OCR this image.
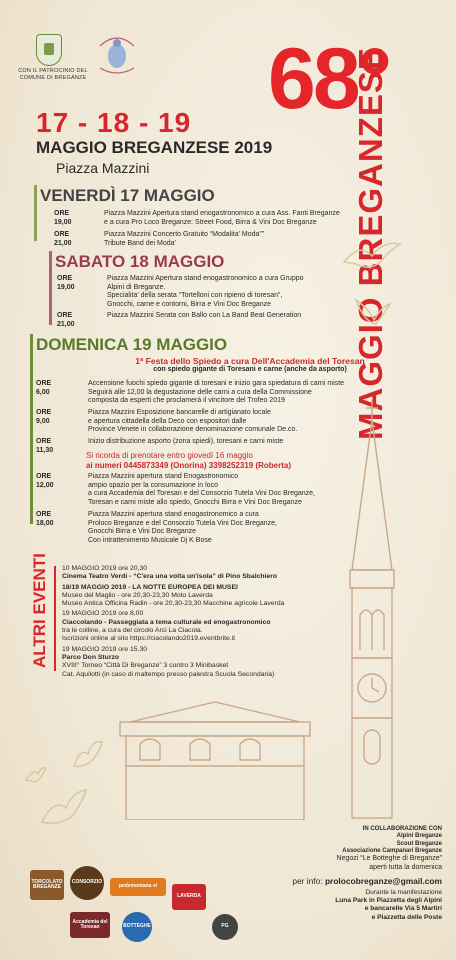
CON IL PATROCINIO DEL COMUNE DI BREGANZE 68°
MAGGIO BREGANZESE
17 - 18 - 19
MAGGIO BREGANZESE 2019
Piazza Mazzini
VENERDÌ 17 MAGGIO
ORE 19,00
Piazza Mazzini Apertura stand enogastronomico a cura Ass. Fanti Breganze
e a cura Pro Loco Breganze: Street Food, Birra & Vini Doc Breganze
ORE 21,00
Piazza Mazzini Concerto Gratuito “Modalita' Moda””
Tribute Band dei Moda'
SABATO 18 MAGGIO
ORE 19,00
Piazza Mazzini Apertura stand enogastronomico a cura Gruppo
Alpini di Breganze.
Specialita' della serata “Tortelloni con ripieno di toresan”,
Gnocchi, carne e contorni, Birra e Vini Doc Breganze
ORE 21,00
Piazza Mazzini Serata con Ballo con La Band Beat Generation
DOMENICA 19 MAGGIO
1ª Festa dello Spiedo a cura Dell'Accademia del Toresan
con spiedo gigante di Toresani e carne (anche da asporto)
ORE 6,00
Accensione fuochi spiedo gigante di toresani e inizio gara spiedatura di carni miste
Seguirà alle 12,00 la degustazione delle carni a cura della Commissione
composta da esperti che proclamerà il vincitore del Trofeo 2019
ORE 9,00
Piazza Mazzini Esposizione bancarelle di artigianato locale
e apertura cittadella della Deco con espositori dalle
Province Venete in collaborazione denominazione comunale De.co.
ORE 11,30
Inizio distribuzione asporto (zona spiedi), toresani e carni miste
ORE 12,00
Piazza Mazzini apertura stand Enogastronomico
ampio spazio per la consumazione in loco
a cura Accademia del Toresan e del Consorzio Tutela Vini Doc Breganze,
Toresan e carni miste allo spiedo, Gnocchi Birra e Vini Doc Breganze
ORE 18,00
Piazza Mazzini apertura stand enogastronomico a cura
Proloco Breganze e del Consorzio Tutela Vini Doc Breganze,
Gnocchi Birra e Vini Doc Breganze
Con intrattenimento Musicale Dj K Bose
Si ricorda di prenotare entro giovedì 16 maggio
ai numeri 0445873349 (Onorina) 3398252319 (Roberta)
ALTRI EVENTI 10 MAGGIO 2019 ore 20,30
Cinema Teatro Verdi - “C'era una volta un'isola” di Pino Sbalchiero
18/19 MAGGIO 2019 - LA NOTTE EUROPEA DEI MUSEI
Museo del Maglio - ore 20,30-23,30 Moto Laverda
Museo Antica Officina Radin - ore 20,30-23,30 Macchine agricole Laverda
19 MAGGIO 2019 ore 8,00
Ciaccolando - Passeggiata a tema culturale ed enogastronomico
tra le colline, a cura del circolo Arci La Ciacola.
Iscrizioni online al sito https://ciacolando2019.eventbrite.it
19 MAGGIO 2019 ore 15,30
Parco Don Sturzo
XVIII° Torneo “Città Di Breganze” 3 contro 3 Minibasket
Cat. Aquilotti (in caso di maltempo presso palestra Scuola Secondaria)
IN COLLABORAZIONE CON
Alpini Breganze
Scout Breganze
Associazione Campanari Breganze
Negozi “Le Botteghe di Breganze”
aperti tutta la domenica
per info: prolocobreganze@gmail.com
Durante la manifestazione
Luna Park in Piazzetta degli Alpini
e bancarelle Via 5 Martiri
e Piazzetta delle Poste
TORCOLATO BREGANZE
CONSORZIO
pedemontana vi
LAVERDA
Accademia del Toresan	BOTTEGHE	PG
